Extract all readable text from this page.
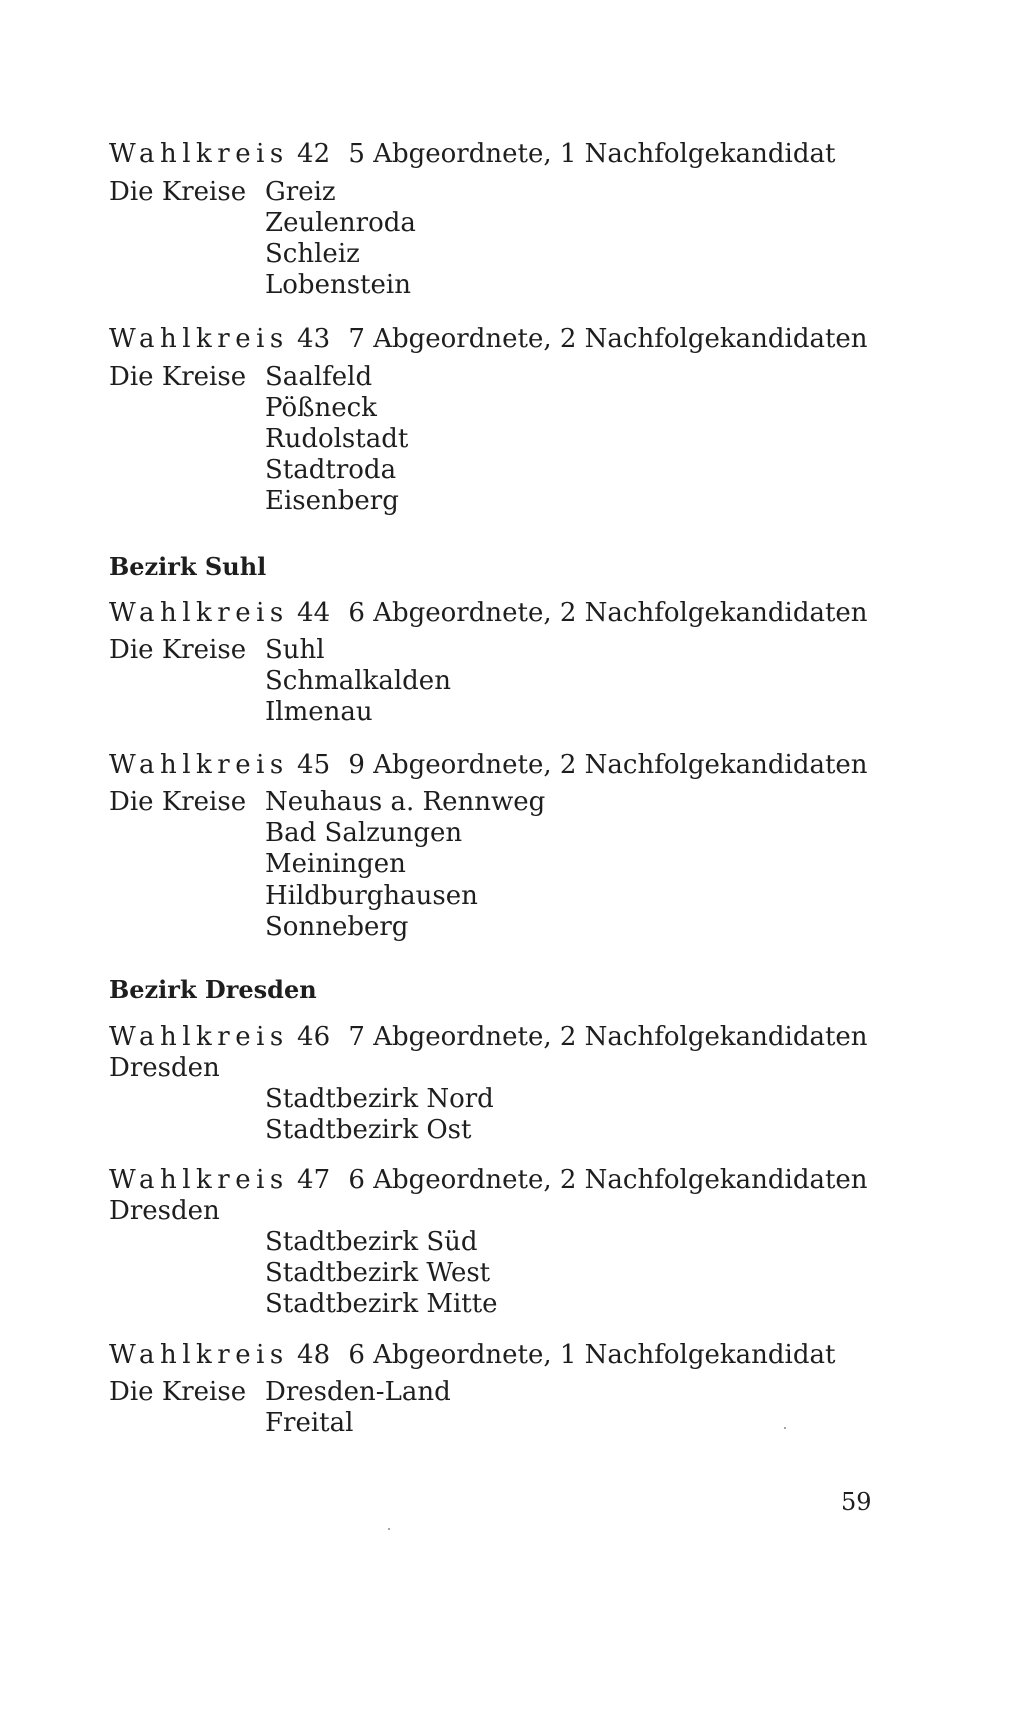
Wahlkreis 42 5 Abgeordnete, 1 Nachfolgekandidat
Die Kreise Greiz
Zeulenroda
Schleiz
Lobenstein
Wahlkreis 43 7 Abgeordnete, 2 Nachfolgekandidaten
Die Kreise Saalfeld
Pößneck
Rudolstadt
Stadtroda
Eisenberg
Bezirk Suhl
Wahlkreis 44 6 Abgeordnete, 2 Nachfolgekandidaten
Die Kreise Suhl
Schmalkalden
Ilmenau
Wahlkreis 45 9 Abgeordnete, 2 Nachfolgekandidaten
Die Kreise Neuhaus a. Rennweg
Bad Salzungen
Meiningen
Hildburghausen
Sonneberg
Bezirk Dresden
Wahlkreis 46 7 Abgeordnete, 2 Nachfolgekandidaten
Dresden
Stadtbezirk Nord
Stadtbezirk Ost
Wahlkreis 47 6 Abgeordnete, 2 Nachfolgekandidaten
Dresden
Stadtbezirk Süd
Stadtbezirk West
Stadtbezirk Mitte
Wahlkreis 48 6 Abgeordnete, 1 Nachfolgekandidat
Die Kreise Dresden-Land
Freital
59
